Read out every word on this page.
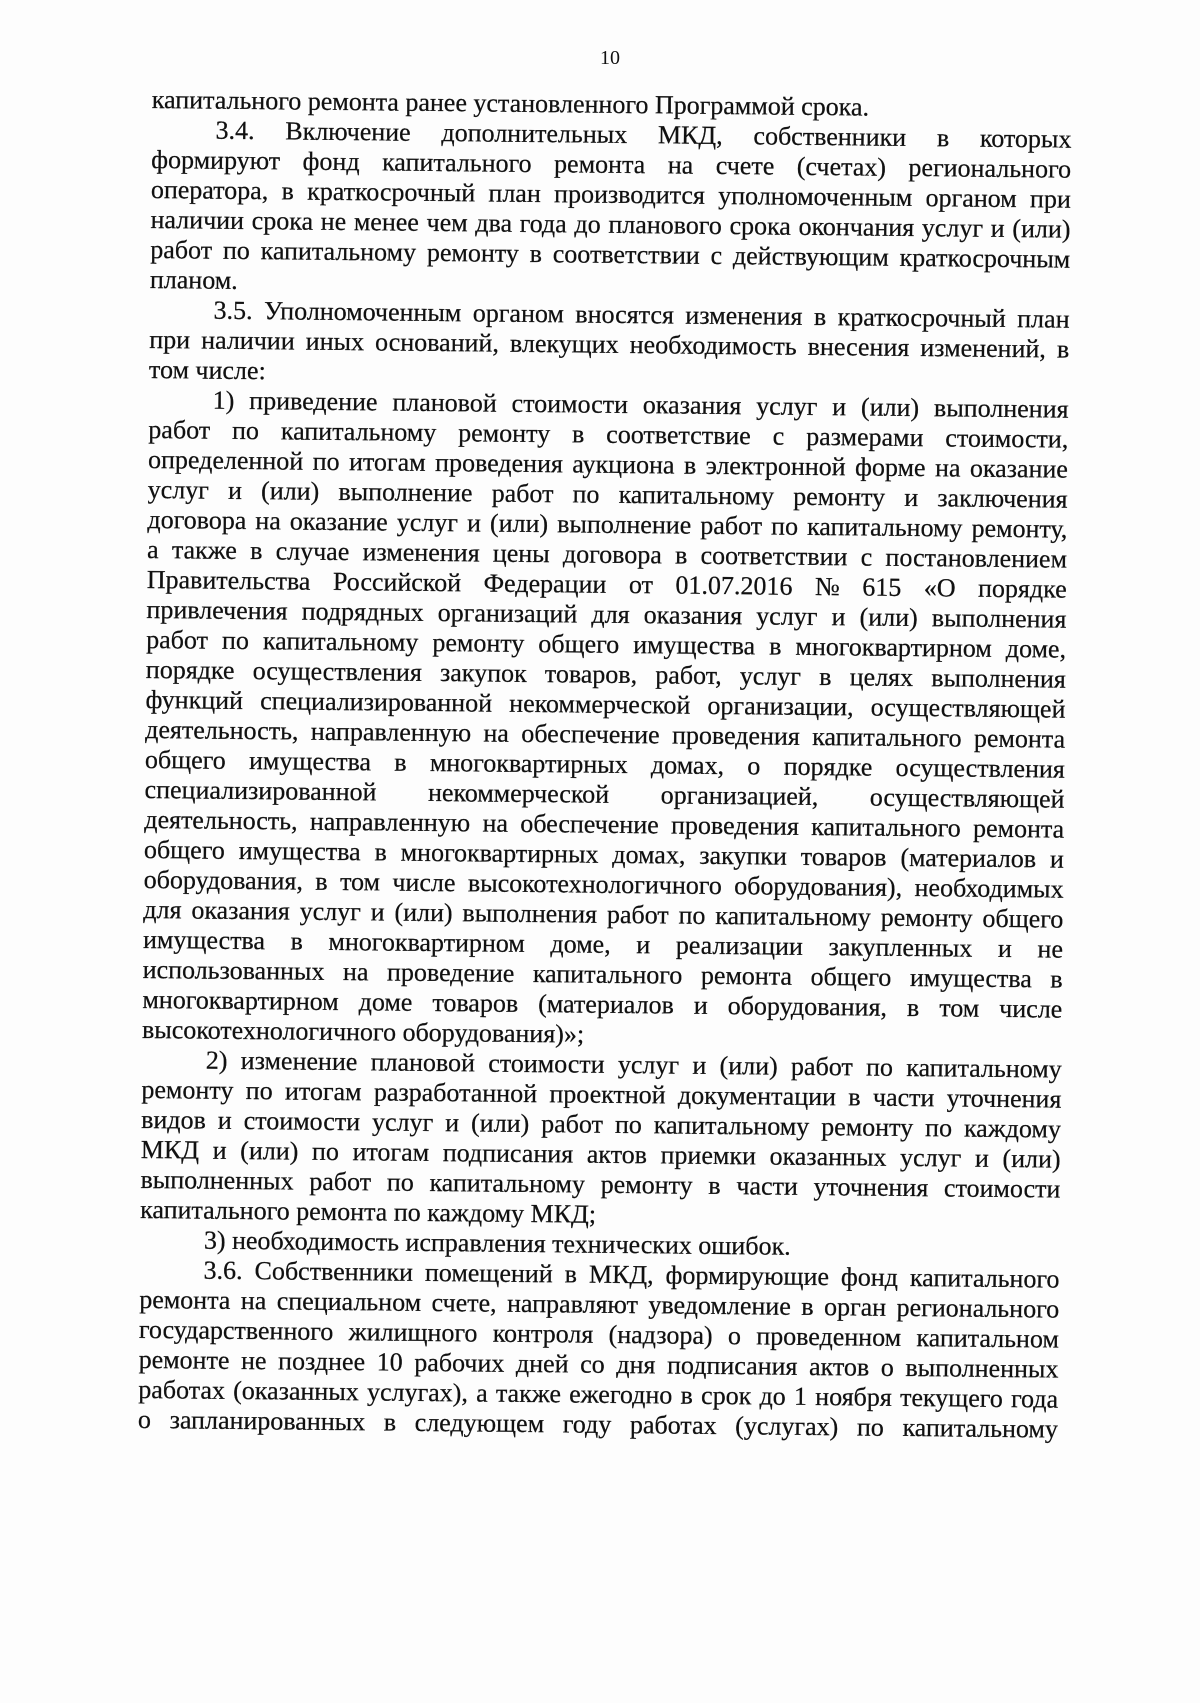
10
капитального ремонта ранее установленного Программой срока.
3.4. Включение дополнительных МКД, собственники в которых
формируют фонд капитального ремонта на счете (счетах) регионального
оператора, в краткосрочный план производится уполномоченным органом при
наличии срока не менее чем два года до планового срока окончания услуг и (или)
работ по капитальному ремонту в соответствии с действующим краткосрочным
планом.
3.5. Уполномоченным органом вносятся изменения в краткосрочный план
при наличии иных оснований, влекущих необходимость внесения изменений, в
том числе:
1) приведение плановой стоимости оказания услуг и (или) выполнения
работ по капитальному ремонту в соответствие с размерами стоимости,
определенной по итогам проведения аукциона в электронной форме на оказание
услуг и (или) выполнение работ по капитальному ремонту и заключения
договора на оказание услуг и (или) выполнение работ по капитальному ремонту,
а также в случае изменения цены договора в соответствии с постановлением
Правительства Российской Федерации от 01.07.2016 № 615 «О порядке
привлечения подрядных организаций для оказания услуг и (или) выполнения
работ по капитальному ремонту общего имущества в многоквартирном доме,
порядке осуществления закупок товаров, работ, услуг в целях выполнения
функций специализированной некоммерческой организации, осуществляющей
деятельность, направленную на обеспечение проведения капитального ремонта
общего имущества в многоквартирных домах, о порядке осуществления
специализированной некоммерческой организацией, осуществляющей
деятельность, направленную на обеспечение проведения капитального ремонта
общего имущества в многоквартирных домах, закупки товаров (материалов и
оборудования, в том числе высокотехнологичного оборудования), необходимых
для оказания услуг и (или) выполнения работ по капитальному ремонту общего
имущества в многоквартирном доме, и реализации закупленных и не
использованных на проведение капитального ремонта общего имущества в
многоквартирном доме товаров (материалов и оборудования, в том числе
высокотехнологичного оборудования)»;
2) изменение плановой стоимости услуг и (или) работ по капитальному
ремонту по итогам разработанной проектной документации в части уточнения
видов и стоимости услуг и (или) работ по капитальному ремонту по каждому
МКД и (или) по итогам подписания актов приемки оказанных услуг и (или)
выполненных работ по капитальному ремонту в части уточнения стоимости
капитального ремонта по каждому МКД;
3) необходимость исправления технических ошибок.
3.6. Собственники помещений в МКД, формирующие фонд капитального
ремонта на специальном счете, направляют уведомление в орган регионального
государственного жилищного контроля (надзора) о проведенном капитальном
ремонте не позднее 10 рабочих дней со дня подписания актов о выполненных
работах (оказанных услугах), а также ежегодно в срок до 1 ноября текущего года
о запланированных в следующем году работах (услугах) по капитальному
